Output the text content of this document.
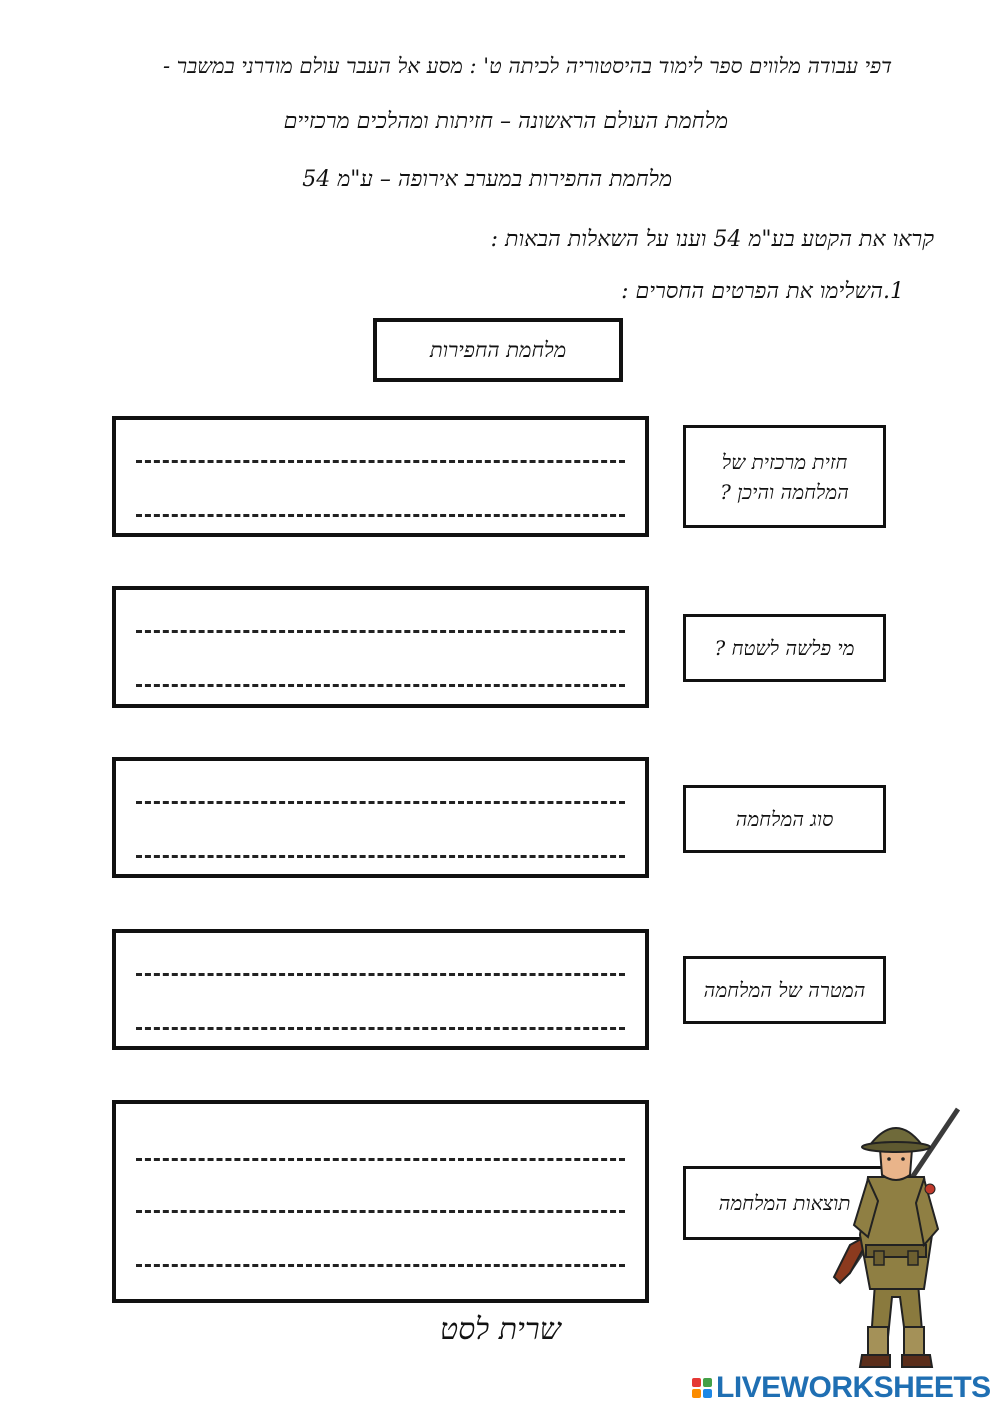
דפי עבודה מלווים ספר לימוד בהיסטוריה לכיתה ט' : מסע אל העבר עולם מודרני במשבר -
מלחמת העולם הראשונה – חזיתות ומהלכים מרכזיים
מלחמת החפירות במערב אירופה – ע"מ 54
קראו את הקטע בע"מ 54 וענו על השאלות הבאות :
1.השלימו את הפרטים החסרים :
מלחמת החפירות
חזית מרכזית של המלחמה והיכן ?
מי פלשה לשטח ?
סוג המלחמה
המטרה של המלחמה
תוצאות המלחמה
שרית לסט
LIVEWORKSHEETS
